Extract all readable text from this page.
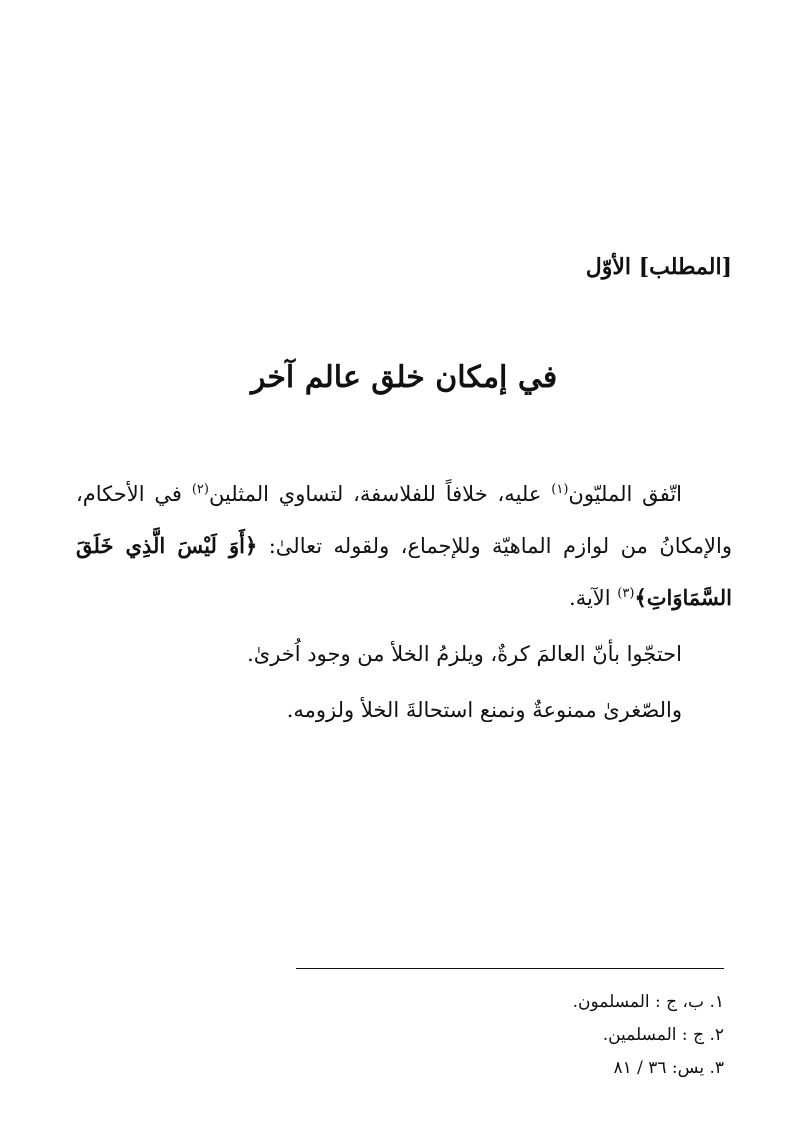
[المطلب] الأوّل
في إمكان خلق عالم آخر

اتّفق المليّون$^{(١)}$ عليه، خلافاً للفلاسفة، لتساوي المثلين$^{(٢)}$ في الأحكام، والإمكانُ من لوازم الماهيّة وللإجماع، ولقوله تعالىٰ: ﴿أَوَ لَيْسَ الَّذِي خَلَقَ السَّمَاوَاتِ﴾$^{(٣)}$ الآية.

احتجّوا بأنّ العالمَ كرةٌ، ويلزمُ الخلأ من وجود اُخرىٰ.

والصّغرىٰ ممنوعةٌ ونمنع استحالةَ الخلأ ولزومه.

١. ب، ج : المسلمون.
٢. ج : المسلمين.
٣. يس: ٣٦ / ٨١
